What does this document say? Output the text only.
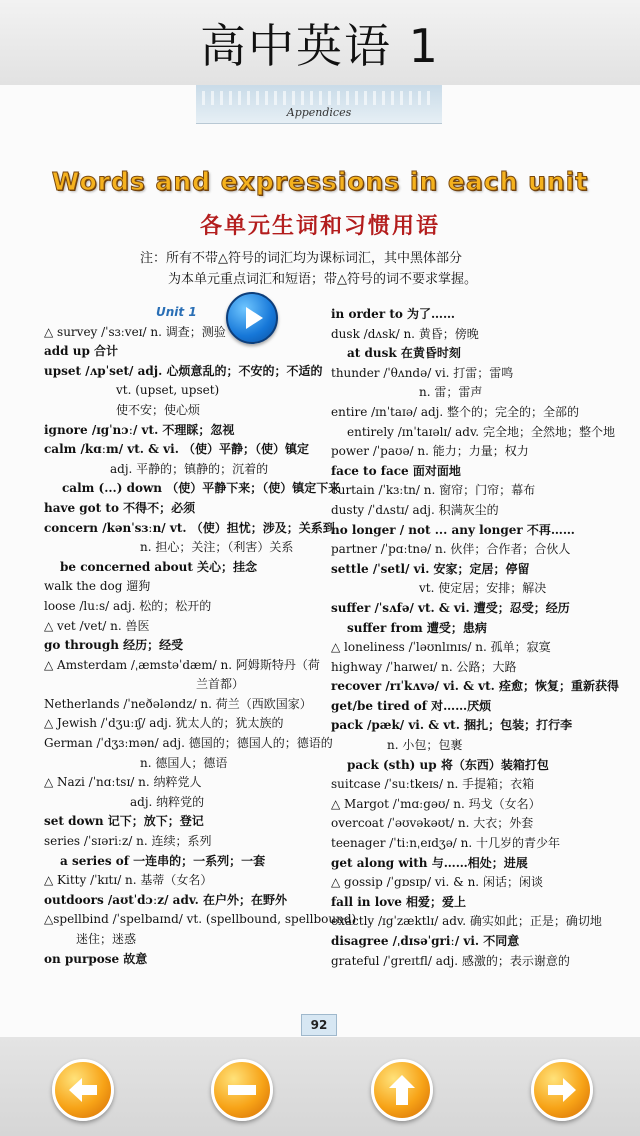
高中英语 1
Appendices
Words and expressions in each unit
各单元生词和习惯用语
注：所有不带△符号的词汇均为课标词汇，其中黑体部分
为本单元重点词汇和短语；带△符号的词不要求掌握。
Unit 1
△ survey /ˈsɜːveɪ/ n. 调查；测验
add up 合计
upset /ʌpˈset/ adj. 心烦意乱的；不安的；不适的
vt. (upset, upset)
使不安；使心烦
ignore /ɪgˈnɔː/ vt. 不理睬；忽视
calm /kɑːm/ vt. & vi. （使）平静；（使）镇定
adj. 平静的；镇静的；沉着的
calm (...) down （使）平静下来；（使）镇定下来
have got to 不得不；必须
concern /kənˈsɜːn/ vt. （使）担忧；涉及；关系到
n. 担心；关注；（利害）关系
be concerned about 关心；挂念
walk the dog 遛狗
loose /luːs/ adj. 松的；松开的
△ vet /vet/ n. 兽医
go through 经历；经受
△ Amsterdam /ˌæmstəˈdæm/ n. 阿姆斯特丹（荷
兰首都）
Netherlands /ˈneðələndz/ n. 荷兰（西欧国家）
△ Jewish /ˈdʒuːɪʃ/ adj. 犹太人的；犹太族的
German /ˈdʒɜːmən/ adj. 德国的；德国人的；德语的
n. 德国人；德语
△ Nazi /ˈnɑːtsɪ/ n. 纳粹党人
adj. 纳粹党的
set down 记下；放下；登记
series /ˈsɪəriːz/ n. 连续；系列
a series of 一连串的；一系列；一套
△ Kitty /ˈkɪtɪ/ n. 基蒂（女名）
outdoors /aʊtˈdɔːz/ adv. 在户外；在野外
△spellbind /ˈspelbaɪnd/ vt. (spellbound, spellbound)
迷住；迷惑
on purpose 故意
in order to 为了……
dusk /dʌsk/ n. 黄昏；傍晚
at dusk 在黄昏时刻
thunder /ˈθʌndə/ vi. 打雷；雷鸣
n. 雷；雷声
entire /ɪnˈtaɪə/ adj. 整个的；完全的；全部的
entirely /ɪnˈtaɪəlɪ/ adv. 完全地；全然地；整个地
power /ˈpaʊə/ n. 能力；力量；权力
face to face 面对面地
curtain /ˈkɜːtn/ n. 窗帘；门帘；幕布
dusty /ˈdʌstɪ/ adj. 积满灰尘的
no longer / not ... any longer 不再……
partner /ˈpɑːtnə/ n. 伙伴；合作者；合伙人
settle /ˈsetl/ vi. 安家；定居；停留
vt. 使定居；安排；解决
suffer /ˈsʌfə/ vt. & vi. 遭受；忍受；经历
suffer from 遭受；患病
△ loneliness /ˈləʊnlɪnɪs/ n. 孤单；寂寞
highway /ˈhaɪweɪ/ n. 公路；大路
recover /rɪˈkʌvə/ vi. & vt. 痊愈；恢复；重新获得
get/be tired of 对……厌烦
pack /pæk/ vi. & vt. 捆扎；包装；打行李
n. 小包；包裹
pack (sth) up 将（东西）装箱打包
suitcase /ˈsuːtkeɪs/ n. 手提箱；衣箱
△ Margot /ˈmɑːgəʊ/ n. 玛戈（女名）
overcoat /ˈəʊvəkəʊt/ n. 大衣；外套
teenager /ˈtiːnˌeɪdʒə/ n. 十几岁的青少年
get along with 与……相处；进展
△ gossip /ˈgɒsɪp/ vi. & n. 闲话；闲谈
fall in love 相爱；爱上
exactly /ɪgˈzæktlɪ/ adv. 确实如此；正是；确切地
disagree /ˌdɪsəˈgriː/ vi. 不同意
grateful /ˈgreɪtfl/ adj. 感激的；表示谢意的
92
